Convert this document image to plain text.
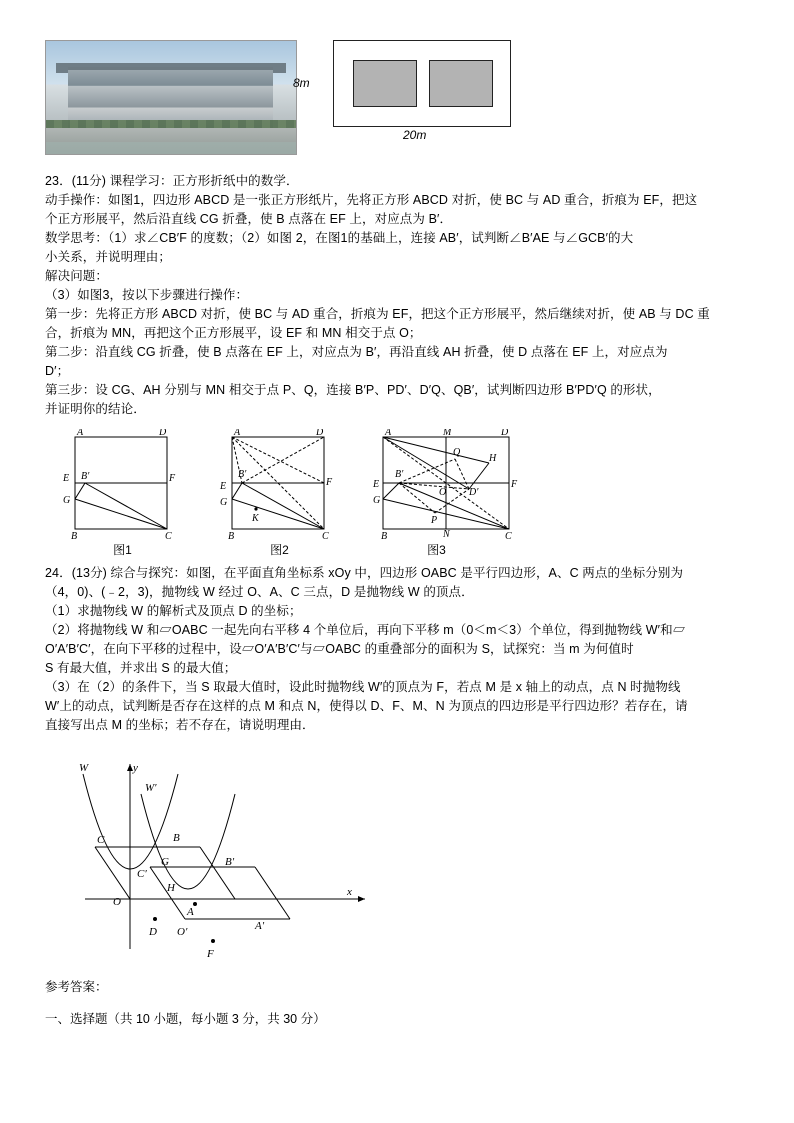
8m
20m

23．(11分) 课程学习：正方形折纸中的数学．

动手操作：如图1，四边形 ABCD 是一张正方形纸片，先将正方形 ABCD 对折，使 BC 与 AD 重合，折痕为 EF，把这

个正方形展平，然后沿直线 CG 折叠，使 B 点落在 EF 上，对应点为 B′．

数学思考：（1）求∠CB′F 的度数；（2）如图 2，在图1的基础上，连接 AB′，试判断∠B′AE 与∠GCB′的大

小关系，并说明理由；

解决问题：

（3）如图3，按以下步骤进行操作：

第一步：先将正方形 ABCD 对折，使 BC 与 AD 重合，折痕为 EF，把这个正方形展平，然后继续对折，使 AB 与 DC 重

合，折痕为 MN，再把这个正方形展平，设 EF 和 MN 相交于点 O；

第二步：沿直线 CG 折叠，使 B 点落在 EF 上，对应点为 B′，再沿直线 AH 折叠，使 D 点落在 EF 上，对应点为

D′；

第三步：设 CG、AH 分别与 MN 相交于点 P、Q，连接 B′P、PD′、D′Q、QB′，试判断四边形 B′PD′Q 的形状，

并证明你的结论．

A	D
E B′	F
G
B	C
图1
A	D
B′
E	F
G
K
B	C
图2
A	M	D
Q
B′
H
E	F
O D′
G
P
N
B	C
图3

24．(13分) 综合与探究：如图，在平面直角坐标系 xOy 中，四边形 OABC 是平行四边形，A、C 两点的坐标分别为

（4，0)、(﹣2，3)，抛物线 W 经过 O、A、C 三点，D 是抛物线 W 的顶点．

（1）求抛物线 W 的解析式及顶点 D 的坐标；

（2）将抛物线 W 和▱OABC 一起先向右平移 4 个单位后，再向下平移 m（0＜m＜3）个单位，得到抛物线 W′和▱

O′A′B′C′，在向下平移的过程中，设▱O′A′B′C′与▱OABC 的重叠部分的面积为 S，试探究：当 m 为何值时

S 有最大值，并求出 S 的最大值；

（3）在（2）的条件下，当 S 取最大值时，设此时抛物线 W′的顶点为 F，若点 M 是 x 轴上的动点，点 N 时抛物线

W′上的动点，试判断是否存在这样的点 M 和点 N，使得以 D、F、M、N 为顶点的四边形是平行四边形？若存在，请

直接写出点 M 的坐标；若不存在，请说明理由．

W	y
W′
B
C
G	B′
C′
H
O
x
A
D O′	A′
F

参考答案：

一、选择题（共 10 小题，每小题 3 分，共 30 分）
